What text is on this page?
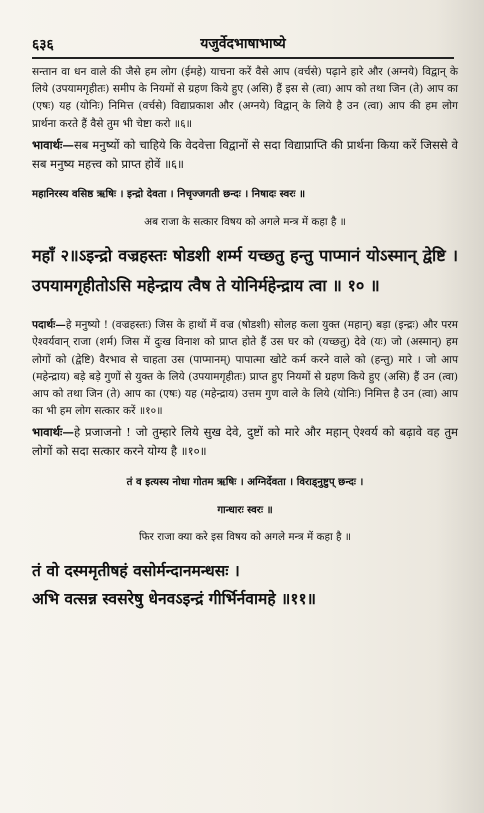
६३६	यजुर्वेदभाषाभाष्ये

सन्तान वा धन वाले की जैसे हम लोग (ईमहे) याचना करें वैसे आप (वर्चसे) पढ़ाने हारे और (अग्नये) विद्वान् के लिये (उपयामगृहीतः) समीप के नियमों से ग्रहण किये हुए (असि) हैं इस से (त्वा) आप को तथा जिन (ते) आप का (एषः) यह (योनिः) निमित्त (वर्चसे) विद्याप्रकाश और (अग्नये) विद्वान् के लिये है उन (त्वा) आप की हम लोग प्रार्थना करते हैं वैसे तुम भी चेष्टा करो ॥६॥

भावार्थः—सब मनुष्यों को चाहिये कि वेदवेत्ता विद्वानों से सदा विद्याप्राप्ति की प्रार्थना किया करें जिससे वे सब मनुष्य महत्त्व को प्राप्त होवें ॥६॥

महानिरस्य वसिष्ठ ऋषिः । इन्द्रो देवता । निचृज्जगती छन्दः । निषादः स्वरः ॥

अब राजा के सत्कार विषय को अगले मन्त्र में कहा है ॥

महाँ २॥ऽइन्द्रो वज्रहस्तः षोडशी शर्म्म यच्छतु हन्तु पाप्मानं योऽस्मान् द्वेष्टि । उपयामगृहीतोऽसि महेन्द्राय त्वैष ते योनिर्महेन्द्राय त्वा ॥ १० ॥

पदार्थः—हे मनुष्यो ! (वज्रहस्तः) जिस के हाथों में वज्र (षोडशी) सोलह कला युक्त (महान्) बड़ा (इन्द्रः) और परम ऐश्वर्यवान् राजा (शर्म) जिस में दुःख विनाश को प्राप्त होते हैं उस घर को (यच्छतु) देवे (यः) जो (अस्मान्) हम लोगों को (द्वेष्टि) वैरभाव से चाहता उस (पाप्मानम्) पापात्मा खोटे कर्म करने वाले को (हन्तु) मारे । जो आप (महेन्द्राय) बड़े बड़े गुणों से युक्त के लिये (उपयामगृहीतः) प्राप्त हुए नियमों से ग्रहण किये हुए (असि) हैं उन (त्वा) आप को तथा जिन (ते) आप का (एषः) यह (महेन्द्राय) उत्तम गुण वाले के लिये (योनिः) निमित्त है उन (त्वा) आप का भी हम लोग सत्कार करें ॥१०॥

भावार्थः—हे प्रजाजनो ! जो तुम्हारे लिये सुख देवे, दुष्टों को मारे और महान् ऐश्वर्य को बढ़ावे वह तुम लोगों को सदा सत्कार करने योग्य है ॥१०॥

तं व इत्यस्य नोधा गोतम ऋषिः । अग्निर्देवता । विराड्नुष्टुप् छन्दः ।

गान्धारः स्वरः ॥

फिर राजा क्या करे इस विषय को अगले मन्त्र में कहा है ॥

तं वो दस्ममृतीषहं वसोर्मन्दानमन्धसः ।

अभि वत्सन्न स्वसरेषु धेनवऽइन्द्रं गीर्भिर्नवामहे ॥११॥
